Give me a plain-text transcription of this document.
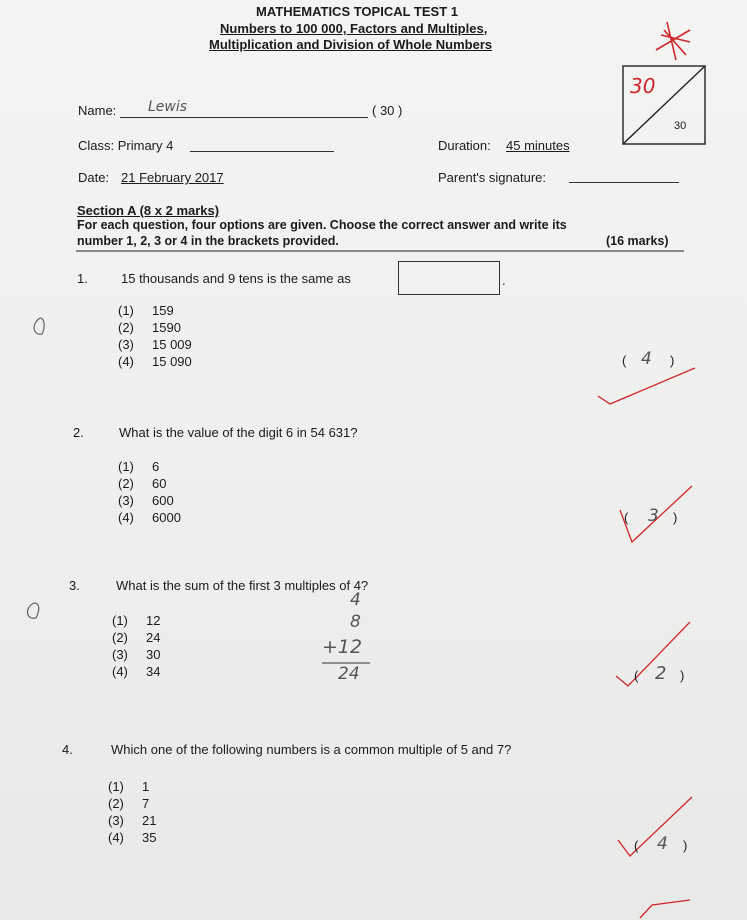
MATHEMATICS TOPICAL TEST 1
Numbers to 100 000, Factors and Multiples,
Multiplication and Division of Whole Numbers
30
30
Name: Lewis	( 30 )
Class: Primary 4	Duration: 45 minutes
Date: 21 February 2017	Parent's signature:
Section A (8 x 2 marks)
For each question, four options are given. Choose the correct answer and write its
number 1, 2, 3 or 4 in the brackets provided.	(16 marks)
1.	15 thousands and 9 tens is the same as	.
(1)	159
(2)	1590
(3)	15 009
(4)	15 090	( 4 )
2.	What is the value of the digit 6 in 54 631?
(1)	6
(2)	60
(3)	600
(4)	6000	( 3 )
3.	What is the sum of the first 3 multiples of 4?
(1)	12
(2)	24
(3)	30
(4)	34
4
8
+12
24	( 2 )
4.	Which one of the following numbers is a common multiple of 5 and 7?
(1)	1
(2)	7
(3)	21
(4)	35
( 4 )
